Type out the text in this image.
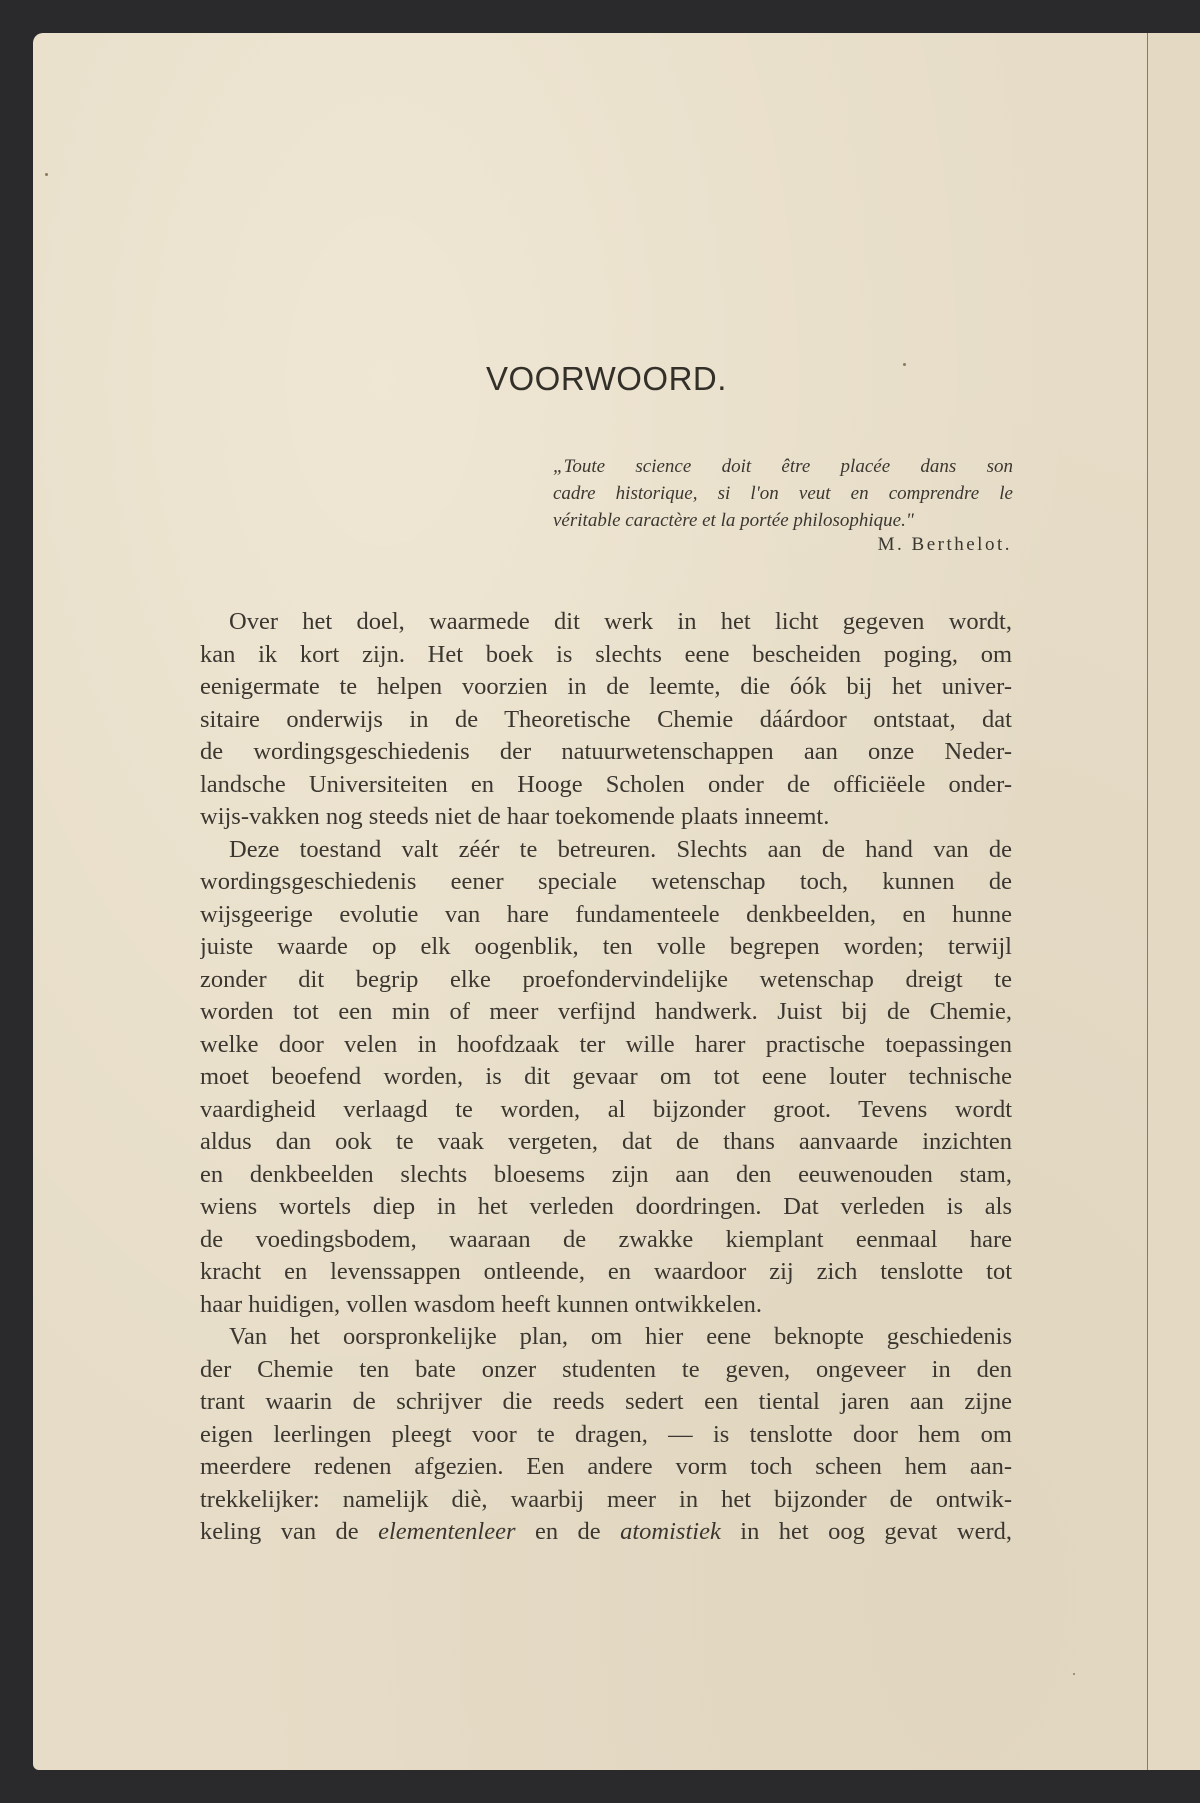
VOORWOORD.
„Toute science doit être placée dans son
cadre historique, si l'on veut en comprendre le
véritable caractère et la portée philosophique."
M. Berthelot.
Over het doel, waarmede dit werk in het licht gegeven wordt,
kan ik kort zijn. Het boek is slechts eene bescheiden poging, om
eenigermate te helpen voorzien in de leemte, die óók bij het univer-
sitaire onderwijs in de Theoretische Chemie dáárdoor ontstaat, dat
de wordingsgeschiedenis der natuurwetenschappen aan onze Neder-
landsche Universiteiten en Hooge Scholen onder de officiëele onder-
wijs-vakken nog steeds niet de haar toekomende plaats inneemt.
Deze toestand valt zéér te betreuren. Slechts aan de hand van de
wordingsgeschiedenis eener speciale wetenschap toch, kunnen de
wijsgeerige evolutie van hare fundamenteele denkbeelden, en hunne
juiste waarde op elk oogenblik, ten volle begrepen worden; terwijl
zonder dit begrip elke proefondervindelijke wetenschap dreigt te
worden tot een min of meer verfijnd handwerk. Juist bij de Chemie,
welke door velen in hoofdzaak ter wille harer practische toepassingen
moet beoefend worden, is dit gevaar om tot eene louter technische
vaardigheid verlaagd te worden, al bijzonder groot. Tevens wordt
aldus dan ook te vaak vergeten, dat de thans aanvaarde inzichten
en denkbeelden slechts bloesems zijn aan den eeuwenouden stam,
wiens wortels diep in het verleden doordringen. Dat verleden is als
de voedingsbodem, waaraan de zwakke kiemplant eenmaal hare
kracht en levenssappen ontleende, en waardoor zij zich tenslotte tot
haar huidigen, vollen wasdom heeft kunnen ontwikkelen.
Van het oorspronkelijke plan, om hier eene beknopte geschiedenis
der Chemie ten bate onzer studenten te geven, ongeveer in den
trant waarin de schrijver die reeds sedert een tiental jaren aan zijne
eigen leerlingen pleegt voor te dragen, — is tenslotte door hem om
meerdere redenen afgezien. Een andere vorm toch scheen hem aan-
trekkelijker: namelijk diè, waarbij meer in het bijzonder de ontwik-
keling van de elementenleer en de atomistiek in het oog gevat werd,
